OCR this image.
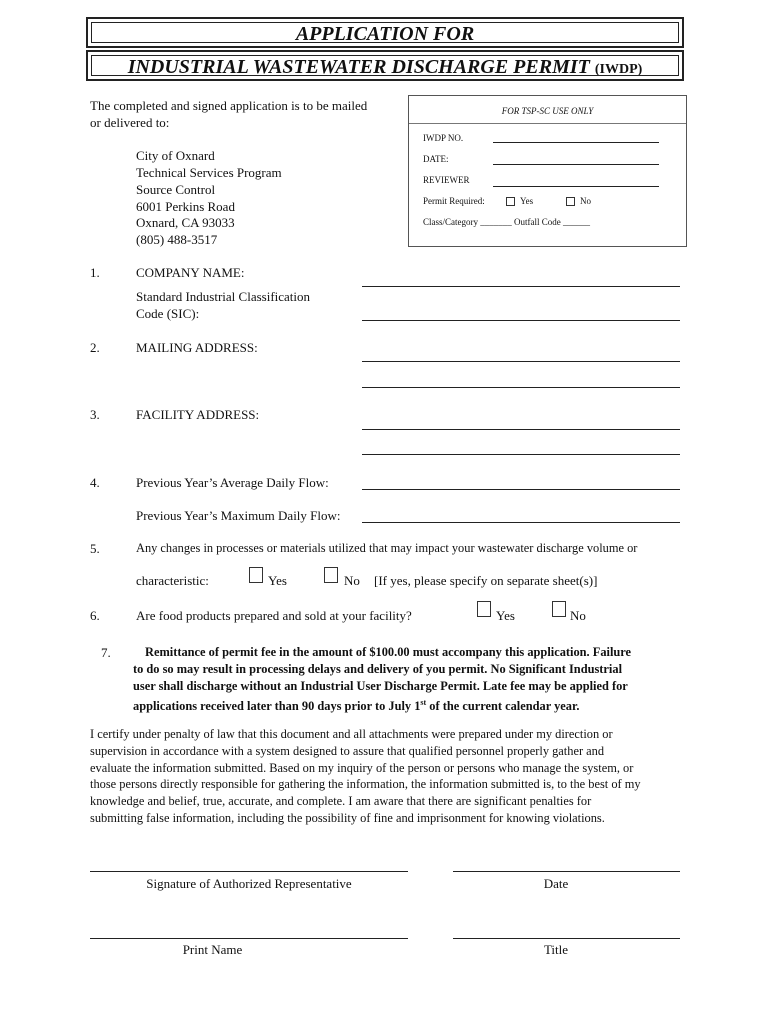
APPLICATION FOR
INDUSTRIAL WASTEWATER DISCHARGE PERMIT (IWDP)
The completed and signed application is to be mailed
or delivered to:
City of Oxnard
Technical Services Program
Source Control
6001 Perkins Road
Oxnard, CA 93033
(805) 488-3517
FOR TSP-SC USE ONLY
IWDP NO.
DATE:
REVIEWER
Permit Required:	Yes	No
Class/Category _______ Outfall Code ______
1.	COMPANY NAME:
Standard Industrial Classification
Code (SIC):
2.	MAILING ADDRESS:
3.	FACILITY ADDRESS:
4.	Previous Year’s Average Daily Flow:
Previous Year’s Maximum Daily Flow:
5.	Any changes in processes or materials utilized that may impact your wastewater discharge volume or
characteristic:	Yes	No [If yes, please specify on separate sheet(s)]
6.	Are food products prepared and sold at your facility?	Yes	No
7.	Remittance of permit fee in the amount of $100.00 must accompany this application. Failure
to do so may result in processing delays and delivery of you permit. No Significant Industrial
user shall discharge without an Industrial User Discharge Permit. Late fee may be applied for
applications received later than 90 days prior to July 1st of the current calendar year.
I certify under penalty of law that this document and all attachments were prepared under my direction or
supervision in accordance with a system designed to assure that qualified personnel properly gather and
evaluate the information submitted. Based on my inquiry of the person or persons who manage the system, or
those persons directly responsible for gathering the information, the information submitted is, to the best of my
knowledge and belief, true, accurate, and complete. I am aware that there are significant penalties for
submitting false information, including the possibility of fine and imprisonment for knowing violations.
Signature of Authorized Representative	Date
Print Name	Title
